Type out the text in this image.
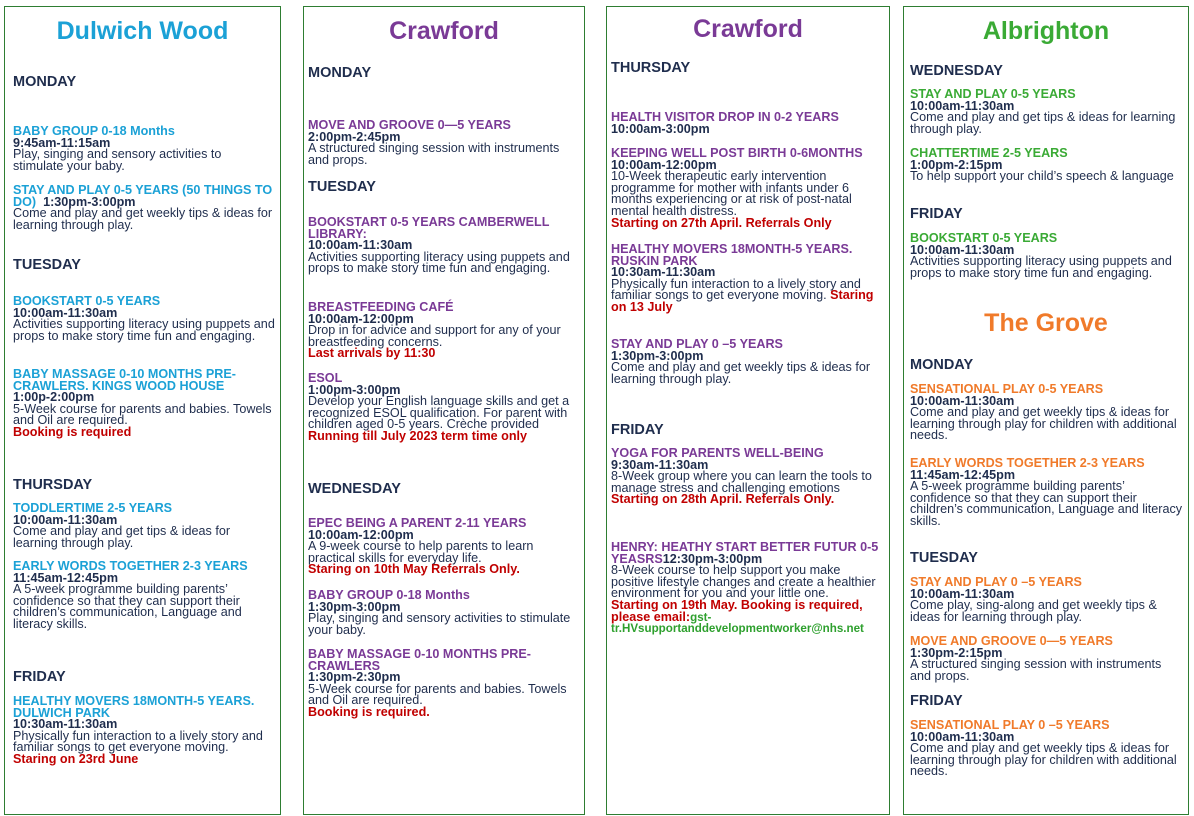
Dulwich Wood
MONDAY
BABY GROUP 0-18 Months
9:45am-11:15am
Play, singing and sensory activities to stimulate your baby.
STAY AND PLAY 0-5 YEARS (50 THINGS TO DO) 1:30pm-3:00pm
Come and play and get weekly tips & ideas for learning through play.
TUESDAY
BOOKSTART 0-5 YEARS
10:00am-11:30am
Activities supporting literacy using puppets and props to make story time fun and engaging.
BABY MASSAGE 0-10 MONTHS PRE-CRAWLERS. KINGS WOOD HOUSE
1:00p-2:00pm
5-Week course for parents and babies. Towels and Oil are required.
Booking is required
THURSDAY
TODDLERTIME 2-5 YEARS
10:00am-11:30am
Come and play and get tips & ideas for learning through play.
EARLY WORDS TOGETHER 2-3 YEARS
11:45am-12:45pm
A 5-week programme building parents’ confidence so that they can support their children’s communication, Language and literacy skills.
FRIDAY
HEALTHY MOVERS 18MONTH-5 YEARS. DULWICH PARK
10:30am-11:30am
Physically fun interaction to a lively story and familiar songs to get everyone moving. Staring on 23rd June
Crawford
MONDAY
MOVE AND GROOVE 0—5 YEARS
2:00pm-2:45pm
A structured singing session with instruments and props.
TUESDAY
BOOKSTART 0-5 YEARS CAMBERWELL LIBRARY:
10:00am-11:30am
Activities supporting literacy using puppets and props to make story time fun and engaging.
BREASTFEEDING CAFÉ
10:00am-12:00pm
Drop in for advice and support for any of your breastfeeding concerns.
Last arrivals by 11:30
ESOL
1:00pm-3:00pm
Develop your English language skills and get a recognized ESOL qualification. For parent with children aged 0-5 years. Crèche provided
Running till July 2023 term time only
WEDNESDAY
EPEC BEING A PARENT 2-11 YEARS
10:00am-12:00pm
A 9-week course to help parents to learn practical skills for everyday life.
Staring on 10th May Referrals Only.
BABY GROUP 0-18 Months
1:30pm-3:00pm
Play, singing and sensory activities to stimulate your baby.
BABY MASSAGE 0-10 MONTHS PRE-CRAWLERS
1:30pm-2:30pm
5-Week course for parents and babies. Towels and Oil are required.
Booking is required.
Crawford
THURSDAY
HEALTH VISITOR DROP IN 0-2 YEARS
10:00am-3:00pm
KEEPING WELL POST BIRTH 0-6MONTHS  10:00am-12:00pm
10-Week therapeutic early intervention programme for mother with infants under 6 months experiencing or at risk of post-natal mental health distress.
Starting on 27th April. Referrals Only
HEALTHY MOVERS 18MONTH-5 YEARS. RUSKIN PARK
10:30am-11:30am
Physically fun interaction to a lively story and familiar songs to get everyone moving. Staring on 13 July
STAY AND PLAY 0 –5 YEARS
1:30pm-3:00pm
Come and play and get weekly tips & ideas for learning through play.
FRIDAY
YOGA FOR PARENTS WELL-BEING
9:30am-11:30am
8-Week group where you can learn the tools to manage stress and challenging emotions
Starting on 28th April. Referrals Only.
HENRY: HEATHY START BETTER FUTUR 0-5 YEASRS12:30pm-3:00pm
8-Week course to help support you make positive lifestyle changes and create a healthier environment for you and your little one.
Starting on 19th May. Booking is required, please email:gst-tr.HVsupportanddevelopmentworker@nhs.net
Albrighton
WEDNESDAY
STAY AND PLAY 0-5 YEARS
10:00am-11:30am
Come and play and get tips & ideas for learning through play.
CHATTERTIME 2-5 YEARS
1:00pm-2:15pm
To help support your child’s speech & language
FRIDAY
BOOKSTART 0-5 YEARS
10:00am-11:30am
Activities supporting literacy using puppets and props to make story time fun and engaging.
The Grove
MONDAY
SENSATIONAL PLAY 0-5 YEARS
10:00am-11:30am
Come and play and get weekly tips & ideas for learning through play for children with additional needs.
EARLY WORDS TOGETHER 2-3 YEARS
11:45am-12:45pm
A 5-week programme building parents’ confidence so that they can support their children’s communication, Language and literacy skills.
TUESDAY
STAY AND PLAY 0 –5 YEARS
10:00am-11:30am
Come play, sing-along and get weekly tips & ideas for learning through play.
MOVE AND GROOVE 0—5 YEARS
1:30pm-2:15pm
A structured singing session with instruments and props.
FRIDAY
SENSATIONAL PLAY 0 –5 YEARS
10:00am-11:30am
Come and play and get weekly tips & ideas for learning through play for children with additional needs.
